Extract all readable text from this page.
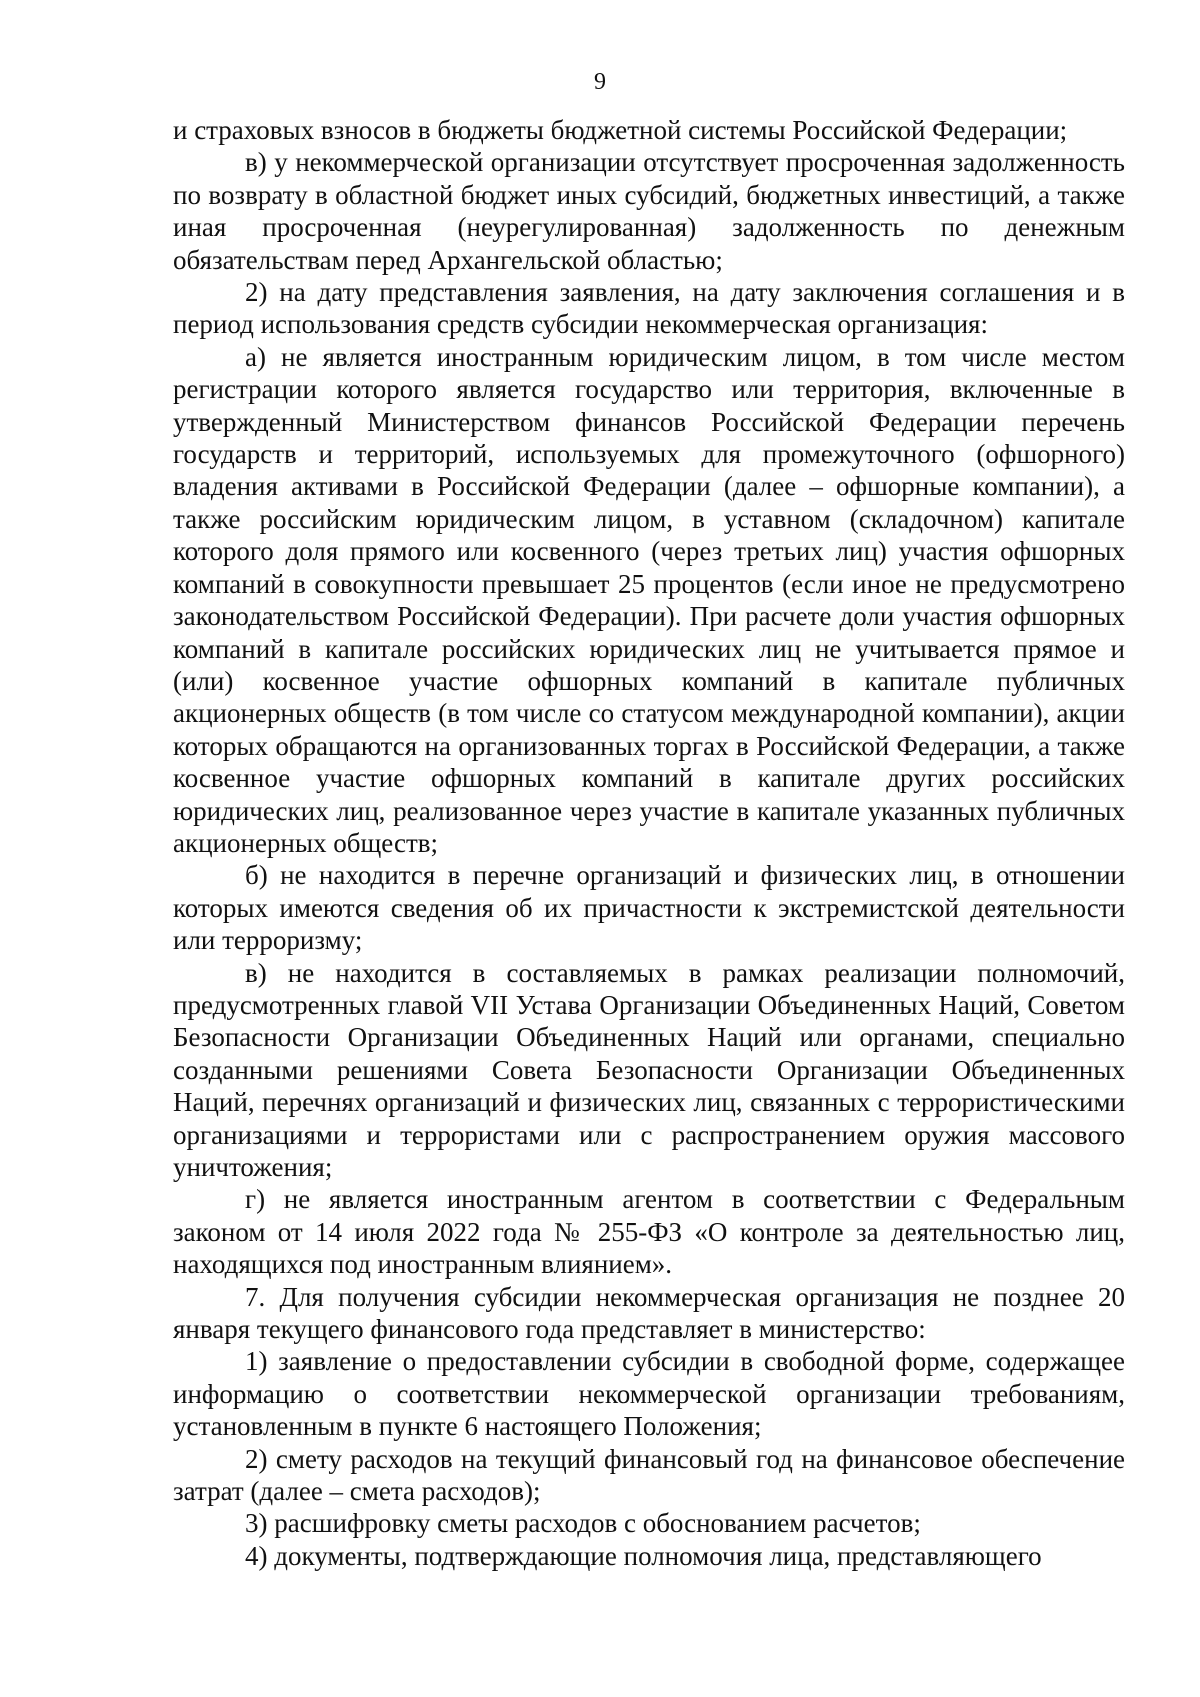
9

и страховых взносов в бюджеты бюджетной системы Российской Федерации;

в) у некоммерческой организации отсутствует просроченная задолженность по возврату в областной бюджет иных субсидий, бюджетных инвестиций, а также иная просроченная (неурегулированная) задолженность по денежным обязательствам перед Архангельской областью;

2) на дату представления заявления, на дату заключения соглашения и в период использования средств субсидии некоммерческая организация:

а) не является иностранным юридическим лицом, в том числе местом регистрации которого является государство или территория, включенные в утвержденный Министерством финансов Российской Федерации перечень государств и территорий, используемых для промежуточного (офшорного) владения активами в Российской Федерации (далее – офшорные компании), а также российским юридическим лицом, в уставном (складочном) капитале которого доля прямого или косвенного (через третьих лиц) участия офшорных компаний в совокупности превышает 25 процентов (если иное не предусмотрено законодательством Российской Федерации). При расчете доли участия офшорных компаний в капитале российских юридических лиц не учитывается прямое и (или) косвенное участие офшорных компаний в капитале публичных акционерных обществ (в том числе со статусом международной компании), акции которых обращаются на организованных торгах в Российской Федерации, а также косвенное участие офшорных компаний в капитале других российских юридических лиц, реализованное через участие в капитале указанных публичных акционерных обществ;

б) не находится в перечне организаций и физических лиц, в отношении которых имеются сведения об их причастности к экстремистской деятельности или терроризму;

в) не находится в составляемых в рамках реализации полномочий, предусмотренных главой VII Устава Организации Объединенных Наций, Советом Безопасности Организации Объединенных Наций или органами, специально созданными решениями Совета Безопасности Организации Объединенных Наций, перечнях организаций и физических лиц, связанных с террористическими организациями и террористами или с распространением оружия массового уничтожения;

г) не является иностранным агентом в соответствии с Федеральным законом от 14 июля 2022 года № 255-ФЗ «О контроле за деятельностью лиц, находящихся под иностранным влиянием».

7. Для получения субсидии некоммерческая организация не позднее 20 января текущего финансового года представляет в министерство:

1) заявление о предоставлении субсидии в свободной форме, содержащее информацию о соответствии некоммерческой организации требованиям, установленным в пункте 6 настоящего Положения;

2) смету расходов на текущий финансовый год на финансовое обеспечение затрат (далее – смета расходов);

3) расшифровку сметы расходов с обоснованием расчетов;

4) документы, подтверждающие полномочия лица, представляющего
